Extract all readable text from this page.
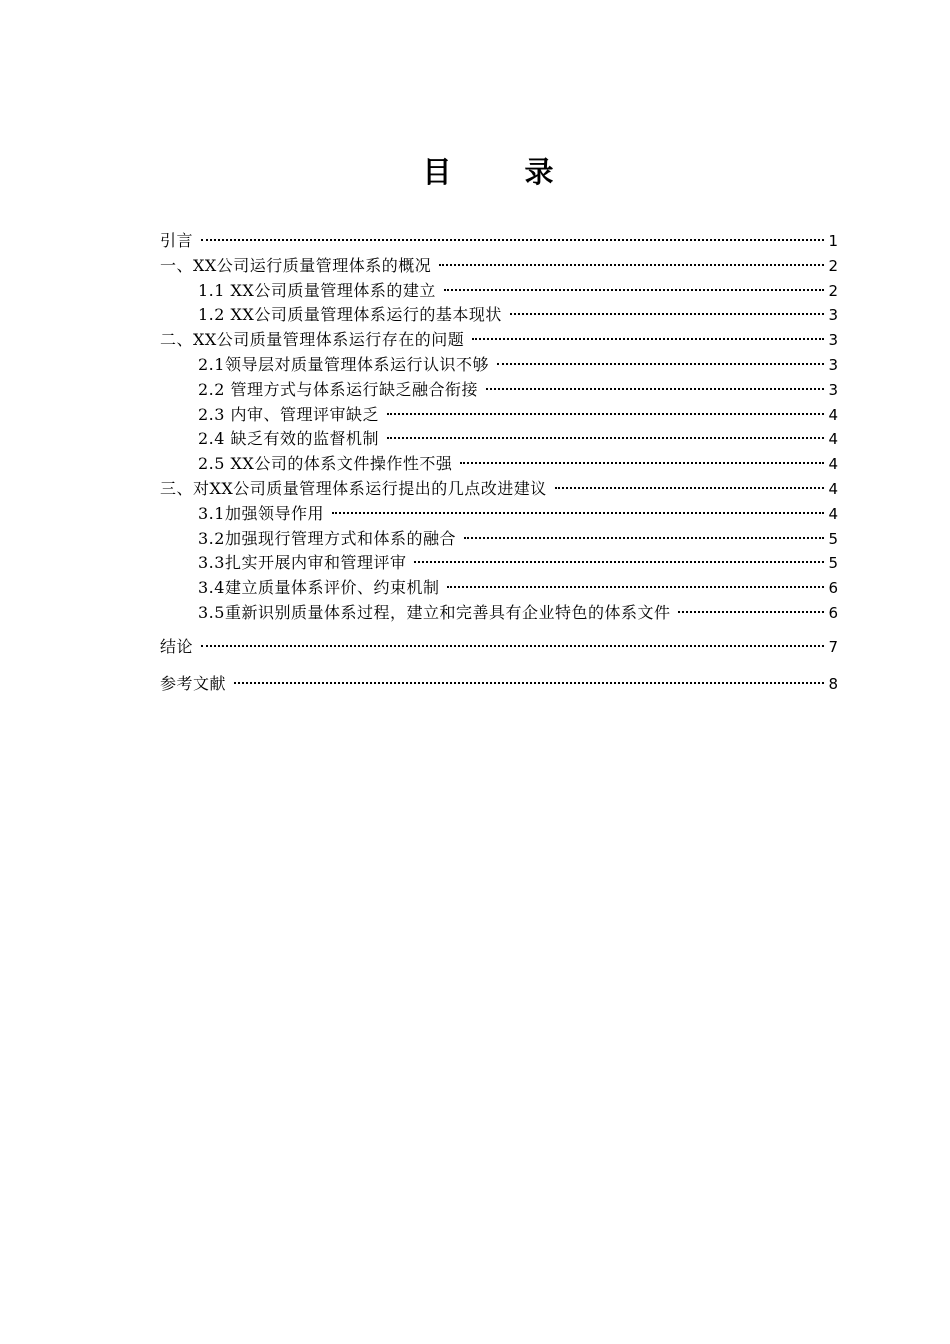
目　录
引言	1
一、XX公司运行质量管理体系的概况	2
1.1 XX公司质量管理体系的建立	2
1.2 XX公司质量管理体系运行的基本现状	3
二、XX公司质量管理体系运行存在的问题	3
2.1领导层对质量管理体系运行认识不够	3
2.2 管理方式与体系运行缺乏融合衔接	3
2.3 内审、管理评审缺乏	4
2.4 缺乏有效的监督机制	4
2.5 XX公司的体系文件操作性不强	4
三、对XX公司质量管理体系运行提出的几点改进建议	4
3.1加强领导作用	4
3.2加强现行管理方式和体系的融合	5
3.3扎实开展内审和管理评审	5
3.4建立质量体系评价、约束机制	6
3.5重新识别质量体系过程，建立和完善具有企业特色的体系文件	6
结论	7
参考文献	8
